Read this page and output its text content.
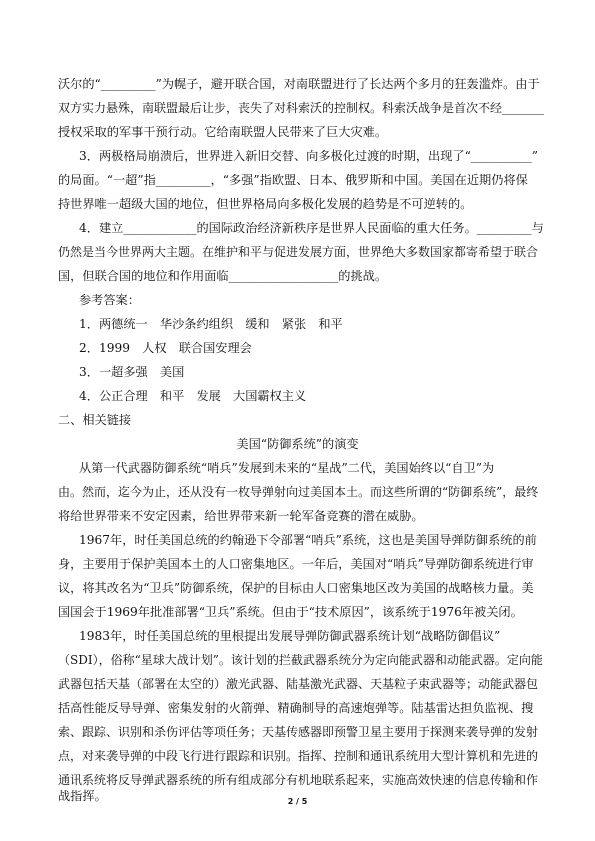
沃尔的“_________”为幌子，避开联合国，对南联盟进行了长达两个多月的狂轰滥炸。由于

双方实力悬殊，南联盟最后让步，丧失了对科索沃的控制权。科索沃战争是首次不经_______

授权采取的军事干预行动。它给南联盟人民带来了巨大灾难。

3．两极格局崩溃后，世界进入新旧交替、向多极化过渡的时期，出现了“__________”

的局面。“一超”指_________，“多强”指欧盟、日本、俄罗斯和中国。美国在近期仍将保

持世界唯一超级大国的地位，但世界格局向多极化发展的趋势是不可逆转的。

4．建立____________的国际政治经济新秩序是世界人民面临的重大任务。_________与

仍然是当今世界两大主题。在维护和平与促进发展方面，世界绝大多数国家都寄希望于联合

国，但联合国的地位和作用面临__________________的挑战。

参考答案：

1．两德统一　华沙条约组织　缓和　紧张　和平

2．1999　人权　联合国安理会

3．一超多强　美国

4．公正合理　和平　发展　大国霸权主义

二、相关链接

美国“防御系统”的演变

从第一代武器防御系统“哨兵”发展到未来的“星战”二代，美国始终以“自卫”为

由。然而，迄今为止，还从没有一枚导弹射向过美国本土。而这些所谓的“防御系统”，最终

将给世界带来不安定因素，给世界带来新一轮军备竞赛的潜在威胁。

1967年，时任美国总统的约翰逊下令部署“哨兵”系统，这也是美国导弹防御系统的前

身，主要用于保护美国本土的人口密集地区。一年后，美国对“哨兵”导弹防御系统进行审

议，将其改名为“卫兵”防御系统，保护的目标由人口密集地区改为美国的战略核力量。美

国国会于1969年批准部署“卫兵”系统。但由于“技术原因”，该系统于1976年被关闭。

1983年，时任美国总统的里根提出发展导弹防御武器系统计划“战略防御倡议”

（SDI），俗称“星球大战计划”。该计划的拦截武器系统分为定向能武器和动能武器。定向能

武器包括天基（部署在太空的）激光武器、陆基激光武器、天基粒子束武器等；动能武器包

括高性能反导导弹、密集发射的火箭弹、精确制导的高速炮弹等。陆基雷达担负监视、搜

索、跟踪、识别和杀伤评估等项任务；天基传感器即预警卫星主要用于探测来袭导弹的发射

点，对来袭导弹的中段飞行进行跟踪和识别。指挥、控制和通讯系统用大型计算机和先进的

通讯系统将反导弹武器系统的所有组成部分有机地联系起来，实施高效快速的信息传输和作

战指挥。	2 / 5
